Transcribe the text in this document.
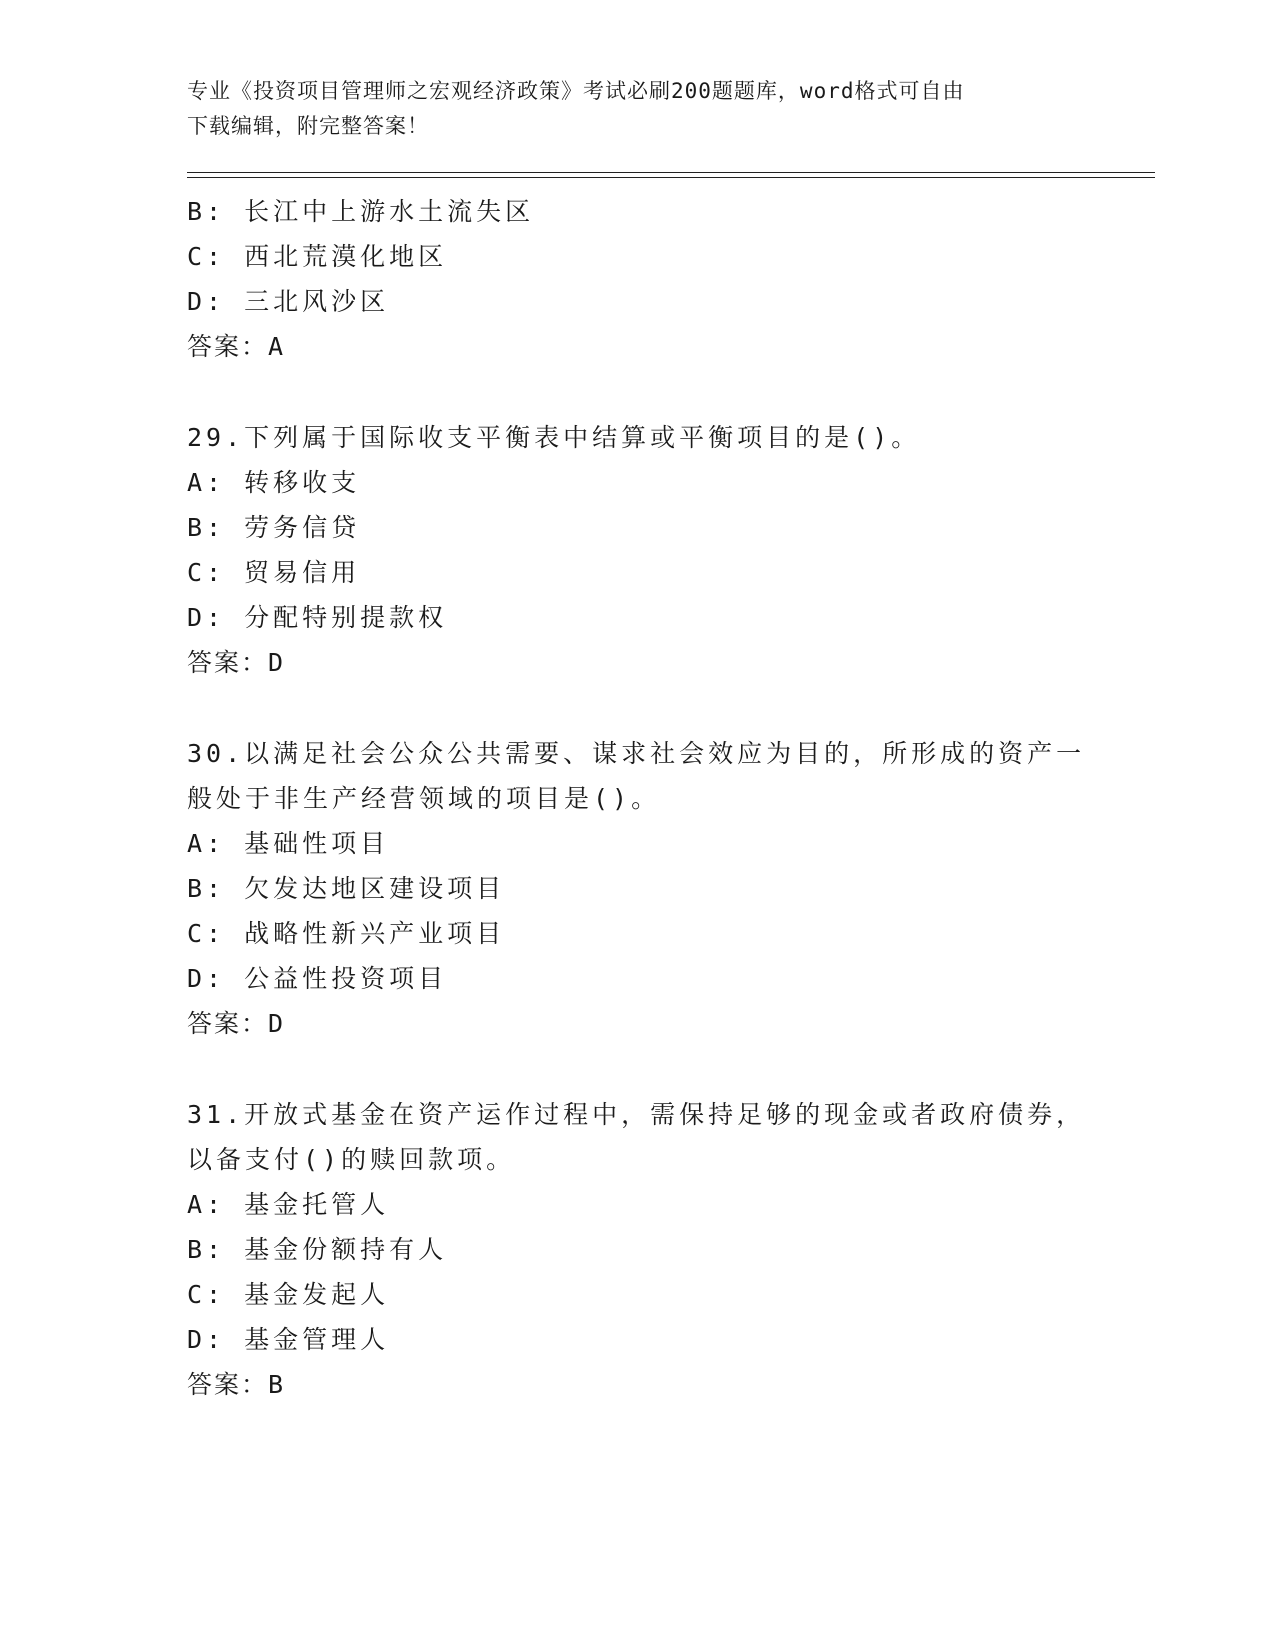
专业《投资项目管理师之宏观经济政策》考试必刷200题题库，word格式可自由
下载编辑，附完整答案！
B: 长江中上游水土流失区
C: 西北荒漠化地区
D: 三北风沙区
答案：A
29.下列属于国际收支平衡表中结算或平衡项目的是()。
A: 转移收支
B: 劳务信贷
C: 贸易信用
D: 分配特别提款权
答案：D
30.以满足社会公众公共需要、谋求社会效应为目的，所形成的资产一
般处于非生产经营领域的项目是()。
A: 基础性项目
B: 欠发达地区建设项目
C: 战略性新兴产业项目
D: 公益性投资项目
答案：D
31.开放式基金在资产运作过程中，需保持足够的现金或者政府债券，
以备支付()的赎回款项。
A: 基金托管人
B: 基金份额持有人
C: 基金发起人
D: 基金管理人
答案：B
